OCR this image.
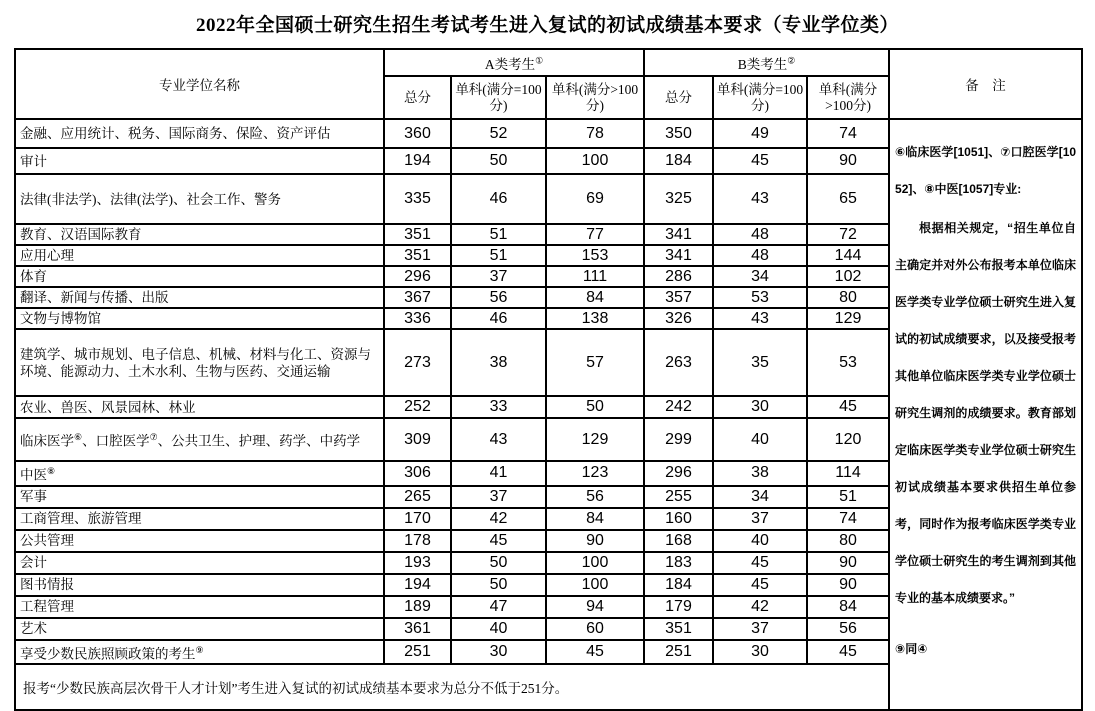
2022年全国硕士研究生招生考试考生进入复试的初试成绩基本要求（专业学位类）
专业学位名称	A类考生①			B类考生②			备　注
	总分	单科(满分=100分)	单科(满分>100分)	总分	单科(满分=100分)	单科(满分>100分)	
金融、应用统计、税务、国际商务、保险、资产评估	360	52	78	350	49	74	⑥临床医学[1051]、⑦口腔医学[1052]、⑧中医[1057]专业:
根据相关规定，“招生单位自主确定并对外公布报考本单位临床医学类专业学位硕士研究生进入复试的初试成绩要求，以及接受报考其他单位临床医学类专业学位硕士研究生调剂的成绩要求。教育部划定临床医学类专业学位硕士研究生初试成绩基本要求供招生单位参考，同时作为报考临床医学类专业学位硕士研究生的考生调剂到其他专业的基本成绩要求。”
⑨同④

审计	194	50	100	184	45	90	
法律(非法学)、法律(法学)、社会工作、警务	335	46	69	325	43	65	
教育、汉语国际教育	351	51	77	341	48	72	
应用心理	351	51	153	341	48	144	
体育	296	37	111	286	34	102	
翻译、新闻与传播、出版	367	56	84	357	53	80	
文物与博物馆	336	46	138	326	43	129	
建筑学、城市规划、电子信息、机械、材料与化工、资源与环境、能源动力、土木水利、生物与医药、交通运输	273	38	57	263	35	53	
农业、兽医、风景园林、林业	252	33	50	242	30	45	
临床医学⑥、口腔医学⑦、公共卫生、护理、药学、中药学	309	43	129	299	40	120	
中医⑧	306	41	123	296	38	114	
军事	265	37	56	255	34	51	
工商管理、旅游管理	170	42	84	160	37	74	
公共管理	178	45	90	168	40	80	
会计	193	50	100	183	45	90	
图书情报	194	50	100	184	45	90	
工程管理	189	47	94	179	42	84	
艺术	361	40	60	351	37	56	
享受少数民族照顾政策的考生⑨	251	30	45	251	30	45	
报考“少数民族高层次骨干人才计划”考生进入复试的初试成绩基本要求为总分不低于251分。							
